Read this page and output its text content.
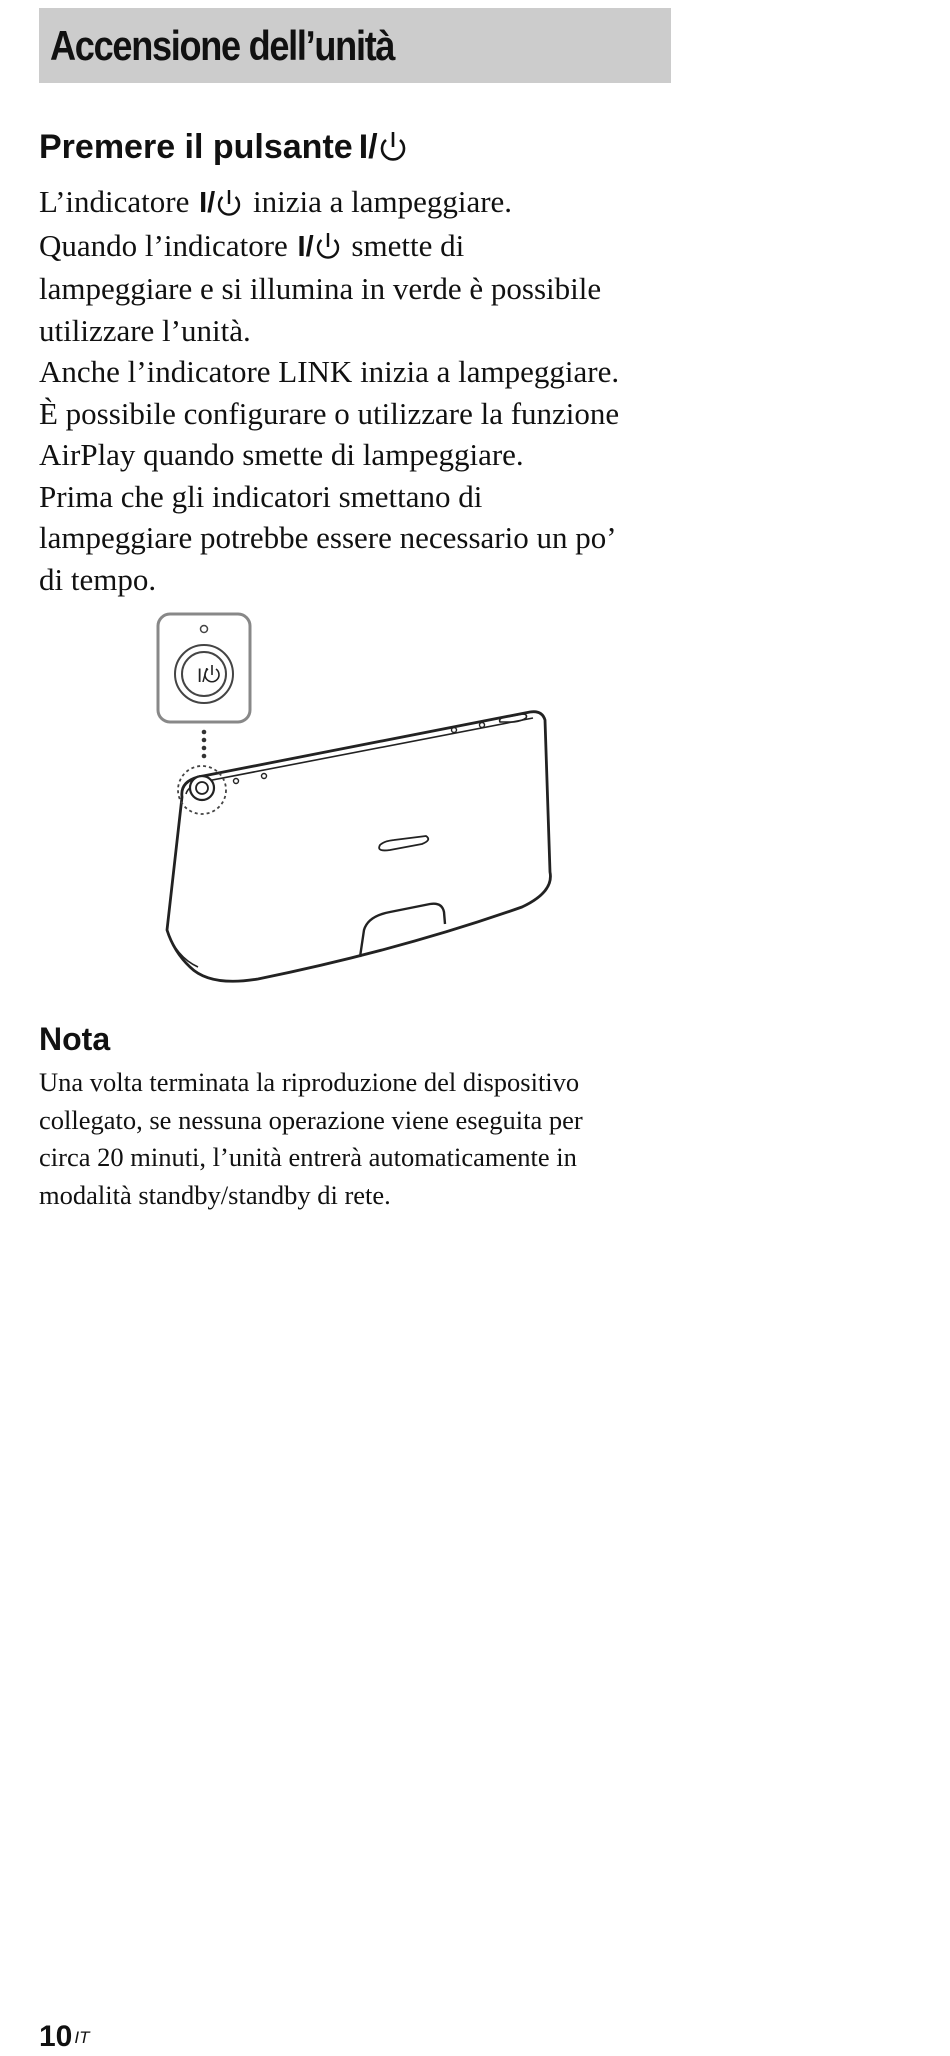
Accensione dell’unità
Premere il pulsante I/
L’indicatore I/ inizia a lampeggiare.
Quando l’indicatore I/ smette di
lampeggiare e si illumina in verde è possibile
utilizzare l’unità.
Anche l’indicatore LINK inizia a lampeggiare.
È possibile configurare o utilizzare la funzione
AirPlay quando smette di lampeggiare.
Prima che gli indicatori smettano di
lampeggiare potrebbe essere necessario un po’
di tempo.
I/
Nota
Una volta terminata la riproduzione del dispositivo
collegato, se nessuna operazione viene eseguita per
circa 20 minuti, l’unità entrerà automaticamente in
modalità standby/standby di rete.
10 IT
